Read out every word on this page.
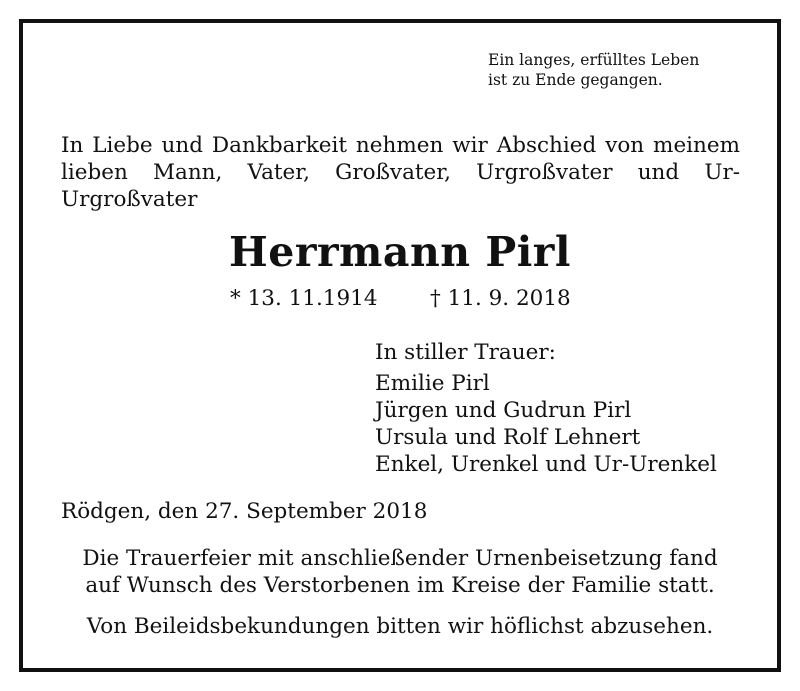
Ein langes, erfülltes Leben
ist zu Ende gegangen.
In Liebe und Dankbarkeit nehmen wir Abschied von meinem lieben Mann, Vater, Großvater, Urgroßvater und Ur-Urgroßvater
Herrmann Pirl
* 13. 11.1914 † 11. 9. 2018
In stiller Trauer:
Emilie Pirl
Jürgen und Gudrun Pirl
Ursula und Rolf Lehnert
Enkel, Urenkel und Ur-Urenkel
Rödgen, den 27. September 2018
Die Trauerfeier mit anschließender Urnenbeisetzung fand
auf Wunsch des Verstorbenen im Kreise der Familie statt.
Von Beileidsbekundungen bitten wir höflichst abzusehen.
